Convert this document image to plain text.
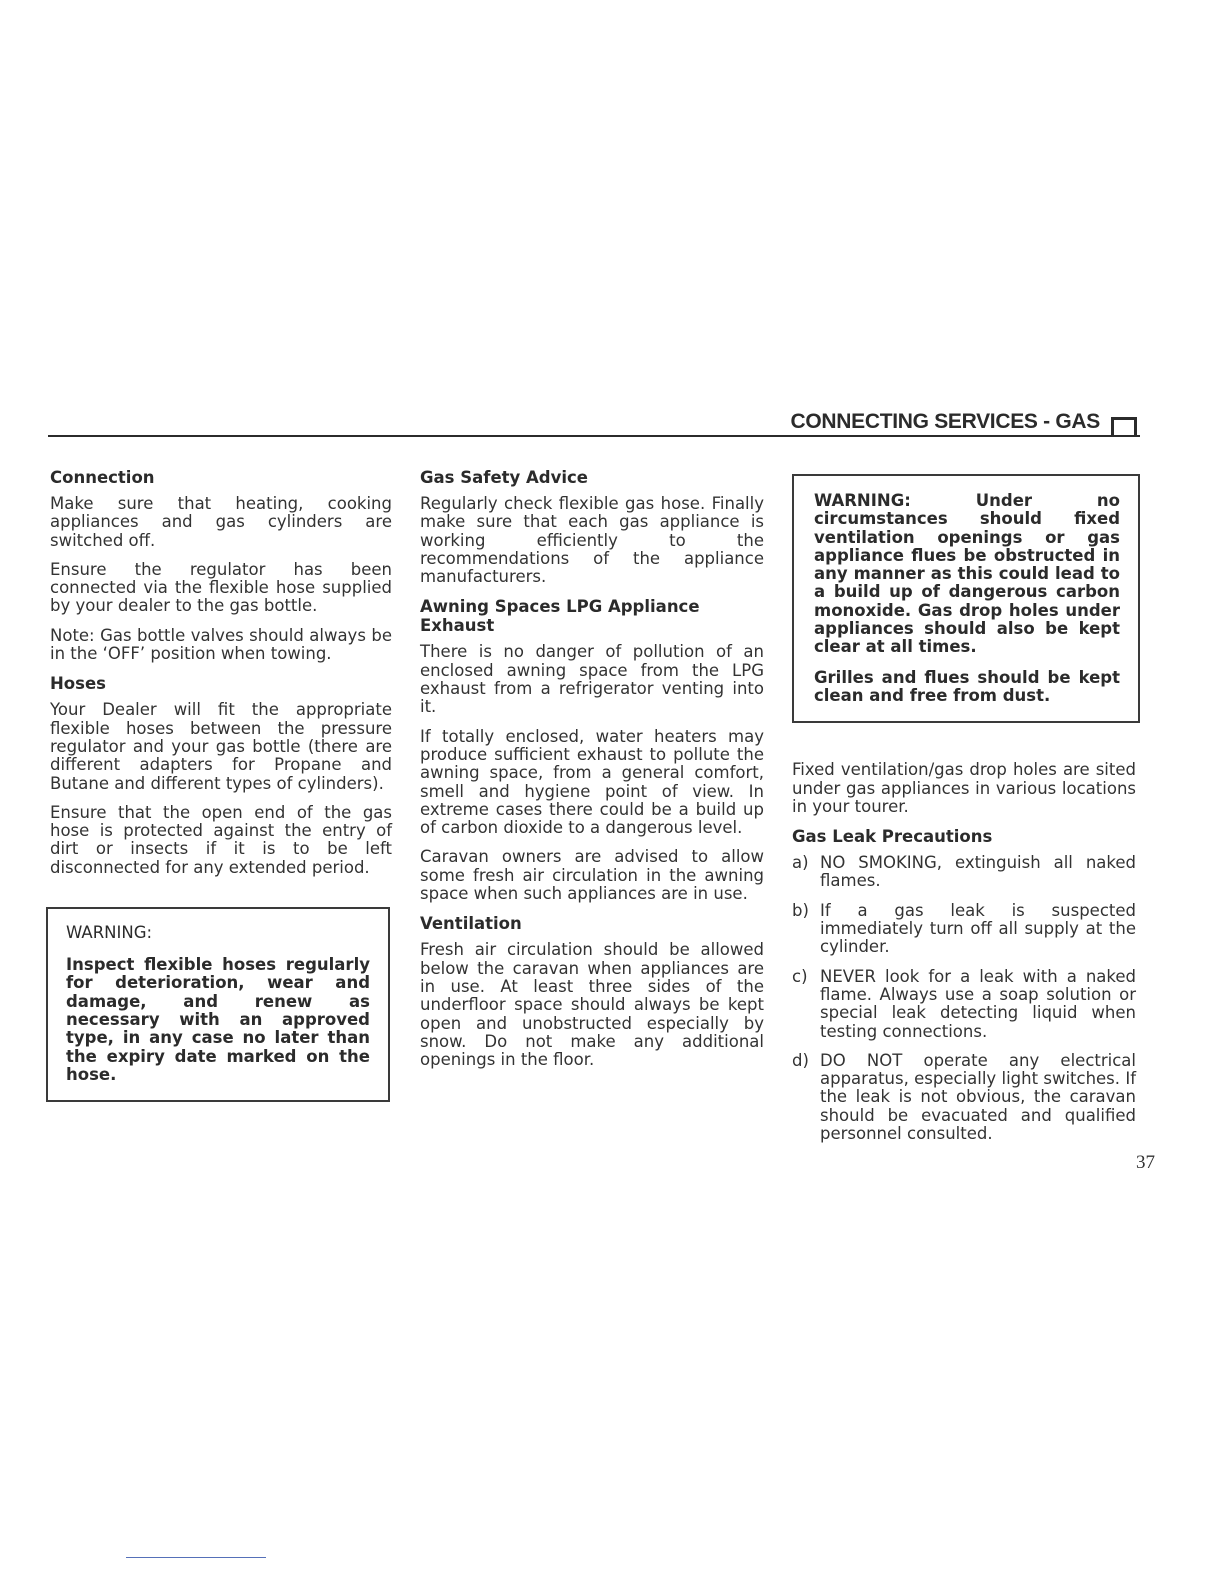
CONNECTING SERVICES - GAS
Connection

Make sure that heating, cooking appliances and gas cylinders are switched off.

Ensure the regulator has been connected via the flexible hose supplied by your dealer to the gas bottle.

Note: Gas bottle valves should always be in the ‘OFF’ position when towing.

Hoses

Your Dealer will fit the appropriate flexible hoses between the pressure regulator and your gas bottle (there are different adapters for Propane and Butane and different types of cylinders).

Ensure that the open end of the gas hose is protected against the entry of dirt or insects if it is to be left disconnected for any extended period.

WARNING:
Inspect flexible hoses regularly for deterioration, wear and damage, and renew as necessary with an approved type, in any case no later than the expiry date marked on the hose.
Gas Safety Advice

Regularly check flexible gas hose. Finally make sure that each gas appliance is working efficiently to the recommendations of the appliance manufacturers.

Awning Spaces LPG Appliance Exhaust

There is no danger of pollution of an enclosed awning space from the LPG exhaust from a refrigerator venting into it.

If totally enclosed, water heaters may produce sufficient exhaust to pollute the awning space, from a general comfort, smell and hygiene point of view. In extreme cases there could be a build up of carbon dioxide to a dangerous level.

Caravan owners are advised to allow some fresh air circulation in the awning space when such appliances are in use.

Ventilation

Fresh air circulation should be allowed below the caravan when appliances are in use. At least three sides of the underfloor space should always be kept open and unobstructed especially by snow. Do not make any additional openings in the floor.

WARNING: Under no circumstances should fixed ventilation openings or gas appliance flues be obstructed in any manner as this could lead to a build up of dangerous carbon monoxide. Gas drop holes under appliances should also be kept clear at all times.

Grilles and flues should be kept clean and free from dust.

Fixed ventilation/gas drop holes are sited under gas appliances in various locations in your tourer.

Gas Leak Precautions
a) NO SMOKING, extinguish all naked flames.
b) If a gas leak is suspected immediately turn off all supply at the cylinder.
c) NEVER look for a leak with a naked flame. Always use a soap solution or special leak detecting liquid when testing connections.
d) DO NOT operate any electrical apparatus, especially light switches. If the leak is not obvious, the caravan should be evacuated and qualified personnel consulted.
37
